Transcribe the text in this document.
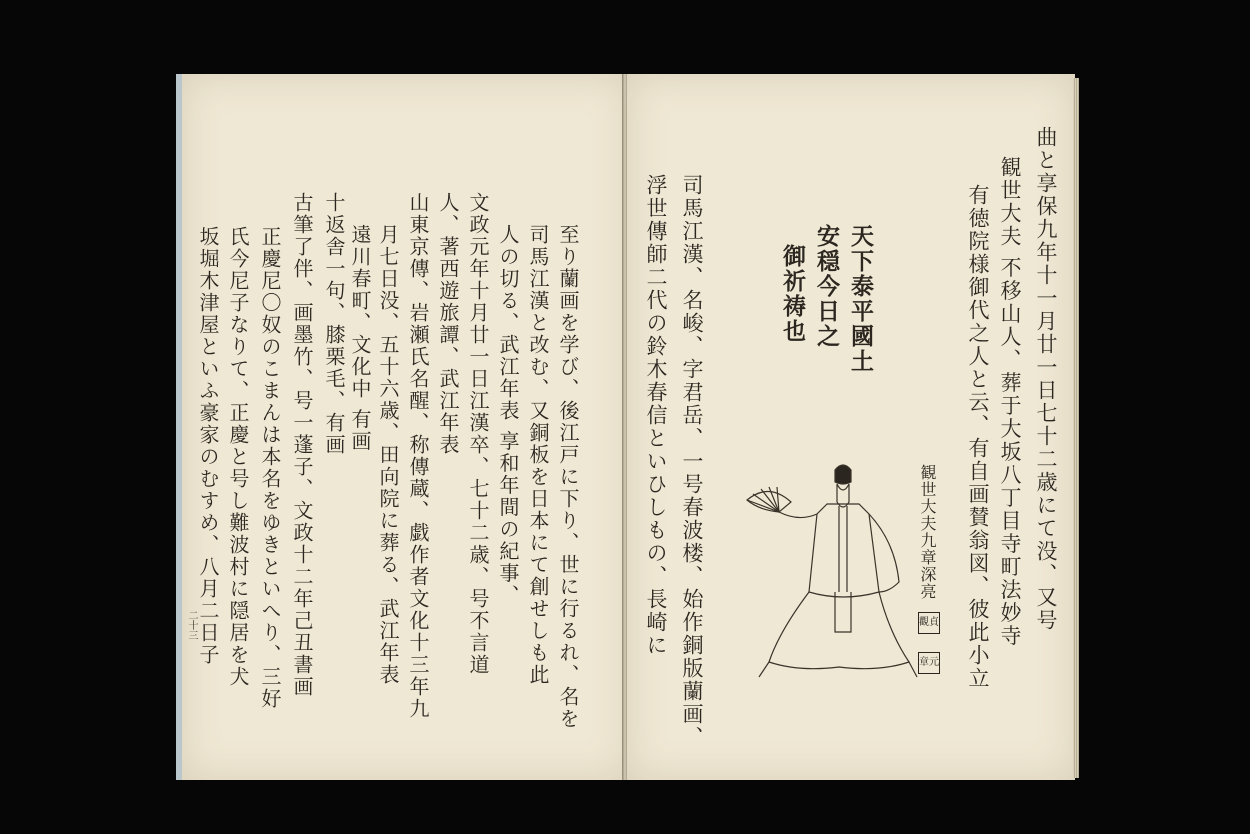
坂堀木津屋といふ豪家のむすめ、八月二日子 氏今尼子なりて、正慶と号し難波村に隠居を犬 正慶尼〇奴のこまんは本名をゆきといへり、三好 古筆了伴、画墨竹、号一蓬子、文政十二年己丑書画 十返舎一句、膝栗毛、有画 遠川春町、文化中 有画 月七日没、五十六歳、田向院に葬る、武江年表 山東京傳、岩瀬氏名醒、称傳蔵、戯作者文化十三年九 人、著西遊旅譚、武江年表 文政元年十月廿一日江漢卒、七十二歳、号不言道 人の切る、武江年表 享和年間の紀事、 司馬江漢と改む、又銅板を日本にて創せしも此 至り蘭画を学び、後江戸に下り、世に行るれ、名を
二十三	曲と享保九年十一月廿一日七十二歳にて没、又号
観世大夫 不移山人、葬于大坂八丁目寺町法妙寺
有徳院様御代之人と云、有自画賛翁図、彼此小立
天下泰平國土
安穏今日之
御祈祷也
司馬江漢、名峻、字君岳、一号春波楼、始作銅版蘭画、
浮世傳師二代の鈴木春信といひしもの、長崎に	観世大夫九章深亮
觀貞
章元
